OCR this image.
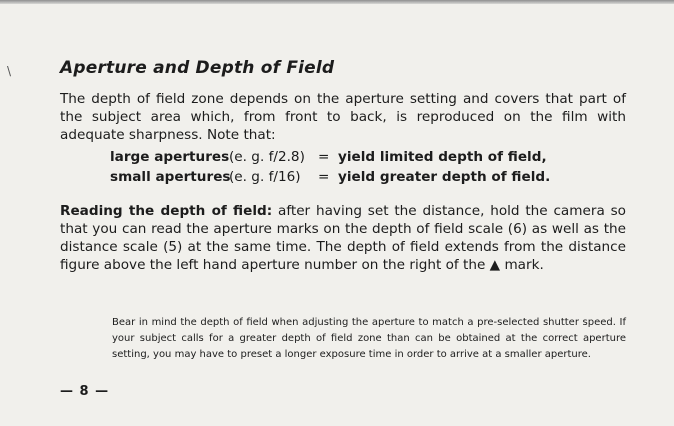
\	Aperture and Depth of Field

The depth of field zone depends on the aperture setting and covers that part of the subject area which, from front to back, is reproduced on the film with adequate sharpness. Note that:

large apertures (e. g. f/2.8) = yield limited depth of field,
small apertures
(e. g. f/16) = yield greater depth of field.

Reading the depth of field: after having set the distance, hold the camera so that you can read the aperture marks on the depth of field scale (6) as well as the distance scale (5) at the same time. The depth of field extends from the distance figure above the left hand aperture number on the right of the ▲ mark.

Bear in mind the depth of field when adjusting the aperture to match a pre-selected shutter speed. If your subject calls for a greater depth of field zone than can be obtained at the correct aperture setting, you may have to preset a longer exposure time in order to arrive at a smaller aperture.

— 8 —
